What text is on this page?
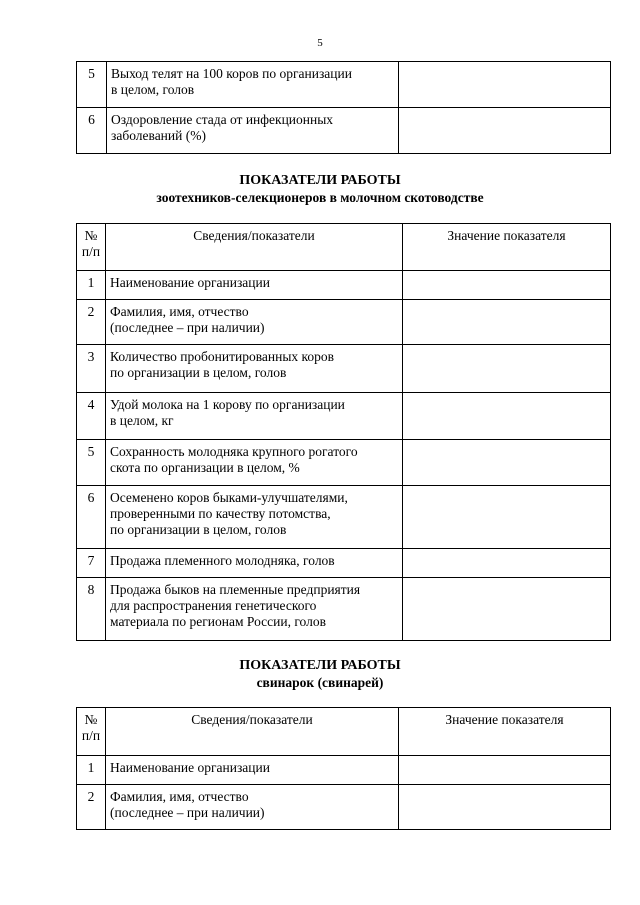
5
5	Выход телят на 100 коров по организации
в целом, голов	

6	Оздоровление стада от инфекционных
заболеваний (%)	

ПОКАЗАТЕЛИ РАБОТЫ
зоотехников-селекционеров в молочном скотоводстве
№
п/п	Сведения/показатели	Значение показателя
1	Наименование организации	

2	Фамилия, имя, отчество
(последнее – при наличии)	

3	Количество пробонитированных коров
по организации в целом, голов	

4	Удой молока на 1 корову по организации
в целом, кг	

5	Сохранность молодняка крупного рогатого
скота по организации в целом, %	

6	Осеменено коров быками-улучшателями,
проверенными по качеству потомства,
по организации в целом, голов	

7	Продажа племенного молодняка, голов	

8	Продажа быков на племенные предприятия
для распространения генетического
материала по регионам России, голов	

ПОКАЗАТЕЛИ РАБОТЫ
свинарок (свинарей)
№
п/п	Сведения/показатели	Значение показателя
1	Наименование организации	

2	Фамилия, имя, отчество
(последнее – при наличии)	
